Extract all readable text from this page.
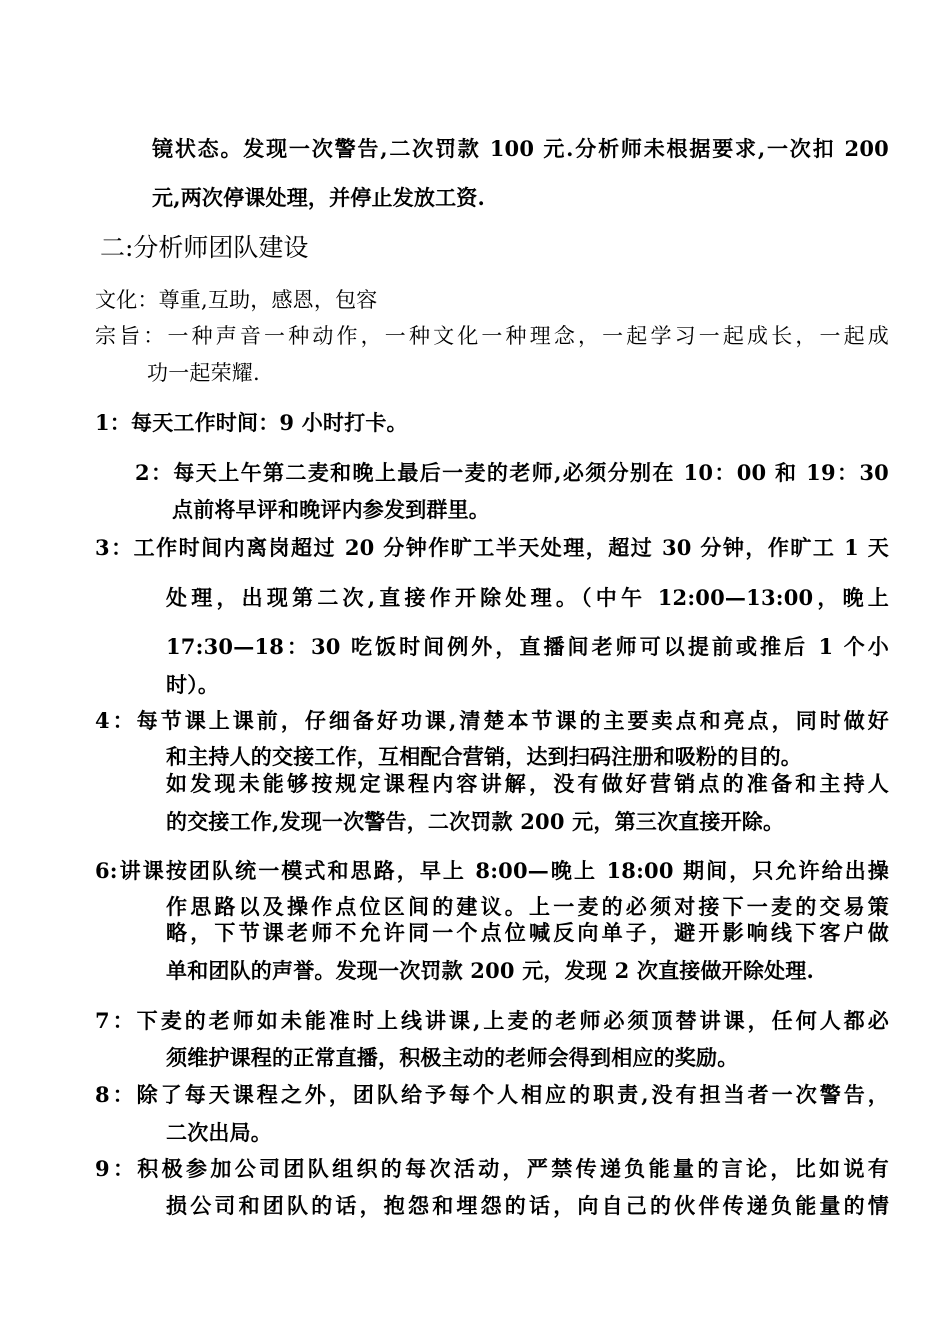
镜状态。发现一次警告,二次罚款 100 元.分析师未根据要求,一次扣 200
元,两次停课处理，并停止发放工资.
二:分析师团队建设
文化：尊重,互助，感恩，包容
宗旨：一种声音一种动作，一种文化一种理念，一起学习一起成长，一起成
功一起荣耀.
1：每天工作时间：9 小时打卡。
2：每天上午第二麦和晚上最后一麦的老师,必须分别在 10：00 和 19：30
点前将早评和晚评内参发到群里。
3：工作时间内离岗超过 20 分钟作旷工半天处理，超过 30 分钟，作旷工 1 天
处理，出现第二次,直接作开除处理。（中午 12:00—13:00，晚上
17:30—18：30 吃饭时间例外，直播间老师可以提前或推后 1 个小
时）。
4：每节课上课前，仔细备好功课,清楚本节课的主要卖点和亮点，同时做好
和主持人的交接工作，互相配合营销，达到扫码注册和吸粉的目的。
如发现未能够按规定课程内容讲解，没有做好营销点的准备和主持人
的交接工作,发现一次警告，二次罚款 200 元，第三次直接开除。
6:讲课按团队统一模式和思路，早上 8:00—晚上 18:00 期间，只允许给出操
作思路以及操作点位区间的建议。上一麦的必须对接下一麦的交易策
略，下节课老师不允许同一个点位喊反向单子，避开影响线下客户做
单和团队的声誉。发现一次罚款 200 元，发现 2 次直接做开除处理.
7：下麦的老师如未能准时上线讲课,上麦的老师必须顶替讲课，任何人都必
须维护课程的正常直播，积极主动的老师会得到相应的奖励。
8：除了每天课程之外，团队给予每个人相应的职责,没有担当者一次警告，
二次出局。
9：积极参加公司团队组织的每次活动，严禁传递负能量的言论，比如说有
损公司和团队的话，抱怨和埋怨的话，向自己的伙伴传递负能量的情
